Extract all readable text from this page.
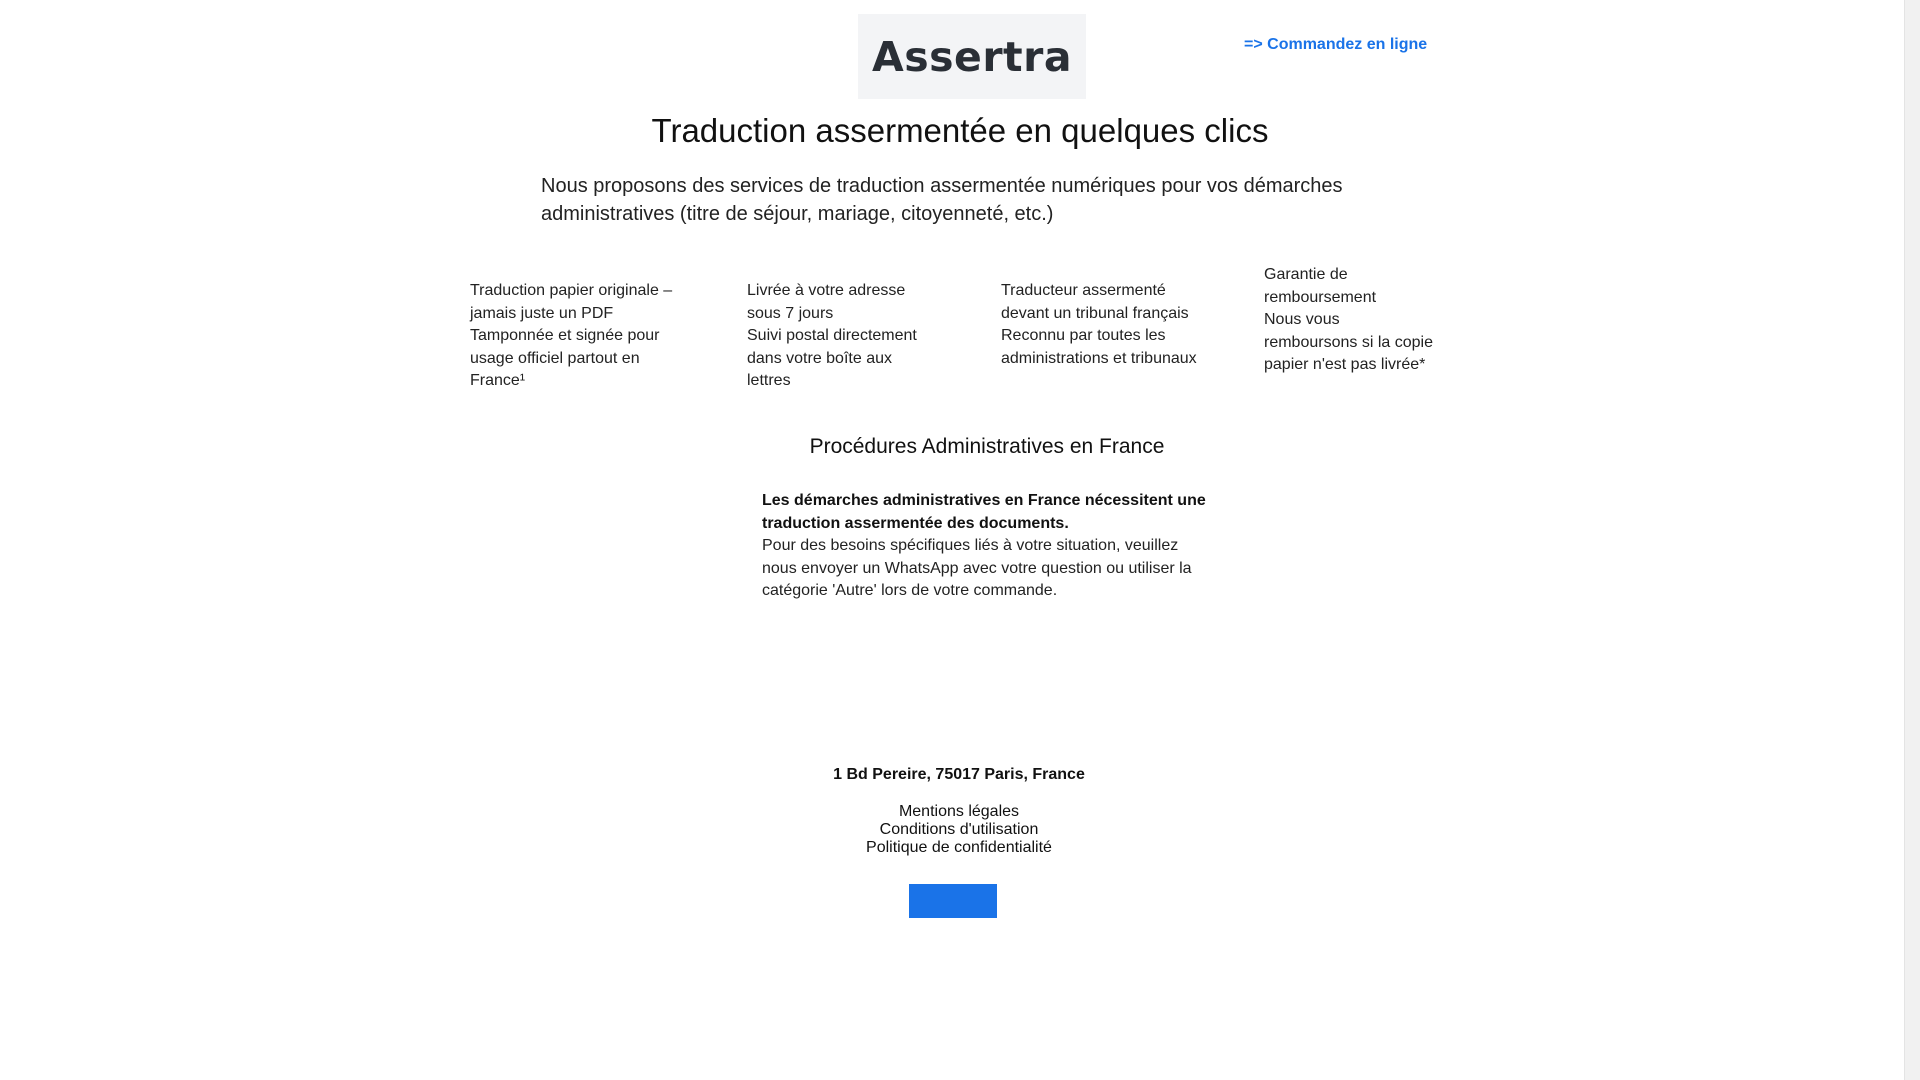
Assertra	=> Commandez en ligne
Traduction assermentée en quelques clics

Nous proposons des services de traduction assermentée numériques pour vos démarches administratives (titre de séjour, mariage, citoyenneté, etc.)

Traduction papier originale – jamais juste un PDF
Tamponnée et signée pour usage officiel partout en France¹
Livrée à votre adresse sous 7 jours
Suivi postal directement dans votre boîte aux lettres
Traducteur assermenté devant un tribunal français
Reconnu par toutes les administrations et tribunaux
Garantie de remboursement
Nous vous remboursons si la copie papier n'est pas livrée*
Procédures Administratives en France
Les démarches administratives en France nécessitent une traduction assermentée des documents.
Pour des besoins spécifiques liés à votre situation, veuillez nous envoyer un WhatsApp avec votre question ou utiliser la catégorie 'Autre' lors de votre commande.
1 Bd Pereire, 75017 Paris, France
Mentions légales
Conditions d'utilisation
Politique de confidentialité
